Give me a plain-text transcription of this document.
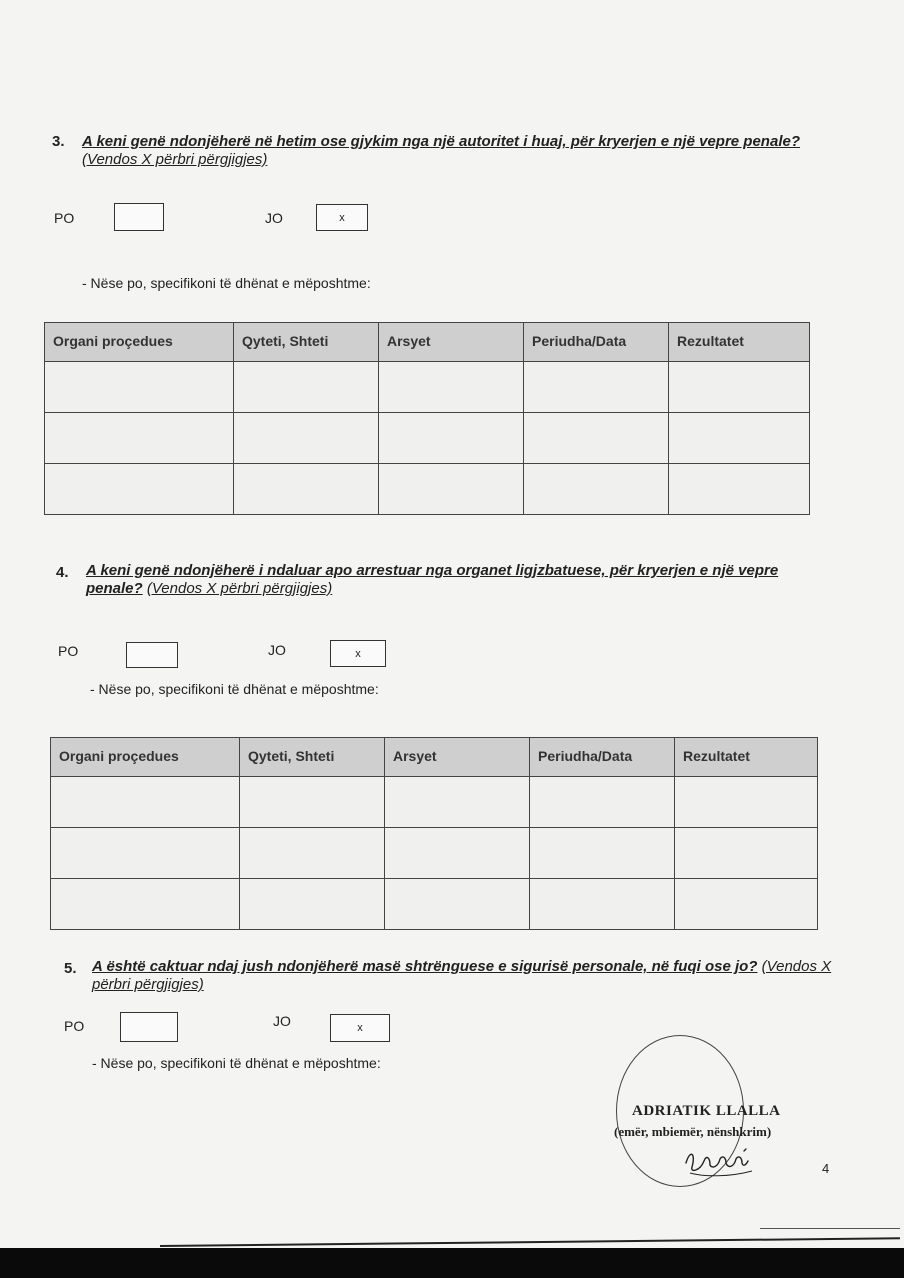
3. A keni genë ndonjëherë në hetim ose gjykim nga një autoritet i huaj, për kryerjen e një vepre penale? (Vendos X përbri përgjigjes)
PO	JO	x
- Nëse po, specifikoni të dhënat e mëposhtme:
Organi proçedues	Qyteti, Shteti	Arsyet	Periudha/Data	Rezultatet

4. A keni genë ndonjëherë i ndaluar apo arrestuar nga organet ligjzbatuese, për kryerjen e një vepre penale? (Vendos X përbri përgjigjes)
PO	JO	x
- Nëse po, specifikoni të dhënat e mëposhtme:
Organi proçedues	Qyteti, Shteti	Arsyet	Periudha/Data	Rezultatet

5. A është caktuar ndaj jush ndonjëherë masë shtrënguese e sigurisë personale, në fuqi ose jo? (Vendos X përbri përgjigjes)
PO	JO	x
- Nëse po, specifikoni të dhënat e mëposhtme:
ADRIATIK LLALLA
(emër, mbiemër, nënshkrim)
4
